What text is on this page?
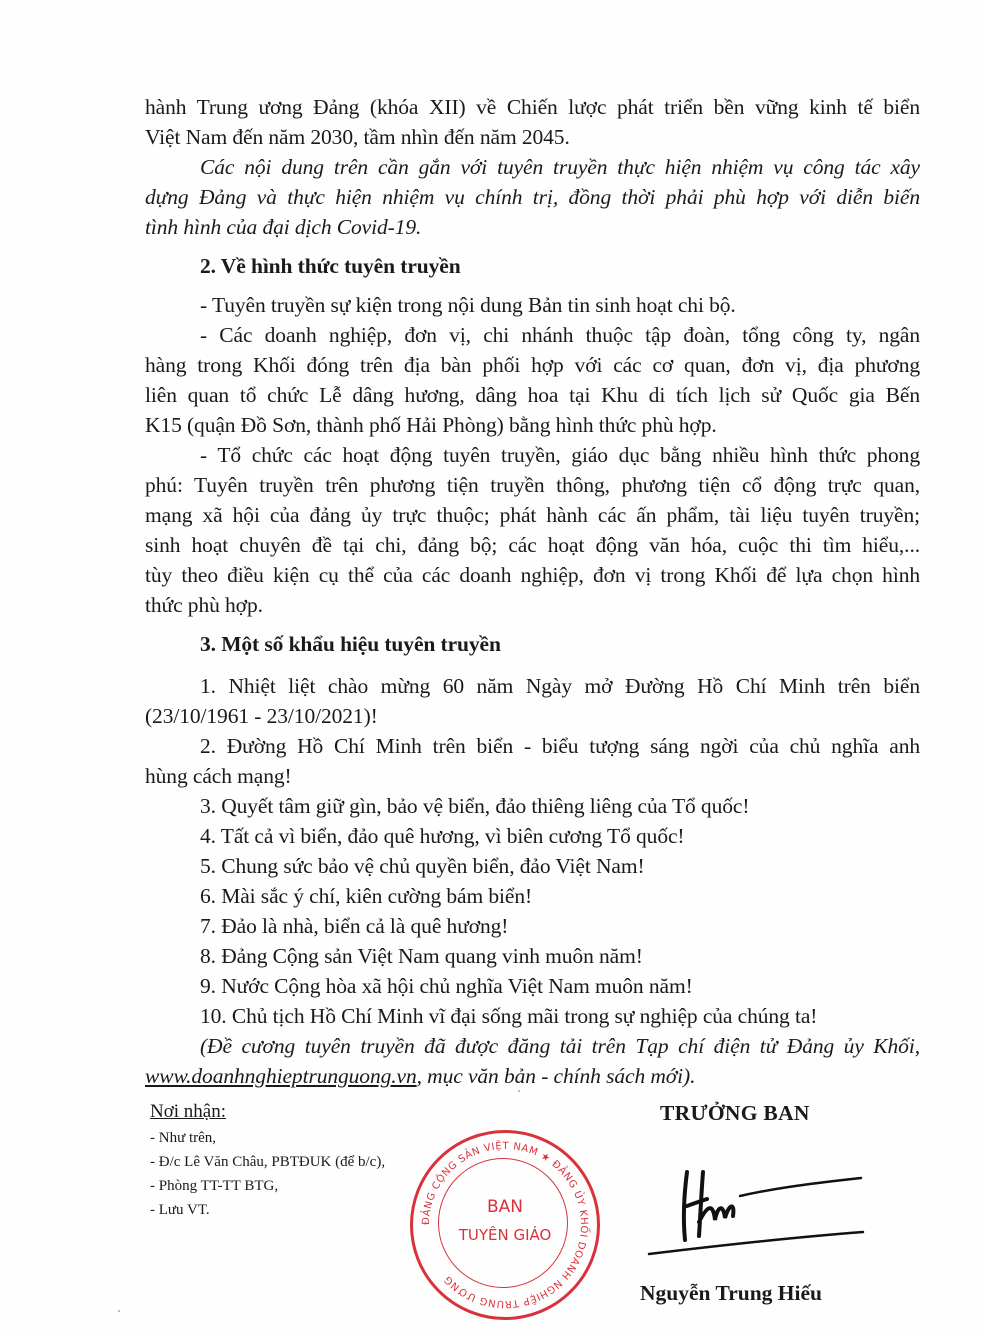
hành Trung ương Đảng (khóa XII) về Chiến lược phát triển bền vững kinh tế biển
Việt Nam đến năm 2030, tầm nhìn đến năm 2045.
Các nội dung trên cần gắn với tuyên truyền thực hiện nhiệm vụ công tác xây
dựng Đảng và thực hiện nhiệm vụ chính trị, đồng thời phải phù hợp với diễn biến
tình hình của đại dịch Covid-19.
2. Về hình thức tuyên truyền
- Tuyên truyền sự kiện trong nội dung Bản tin sinh hoạt chi bộ.
- Các doanh nghiệp, đơn vị, chi nhánh thuộc tập đoàn, tổng công ty, ngân
hàng trong Khối đóng trên địa bàn phối hợp với các cơ quan, đơn vị, địa phương
liên quan tổ chức Lễ dâng hương, dâng hoa tại Khu di tích lịch sử Quốc gia Bến
K15 (quận Đồ Sơn, thành phố Hải Phòng) bằng hình thức phù hợp.
- Tổ chức các hoạt động tuyên truyền, giáo dục bằng nhiều hình thức phong
phú: Tuyên truyền trên phương tiện truyền thông, phương tiện cổ động trực quan,
mạng xã hội của đảng ủy trực thuộc; phát hành các ấn phẩm, tài liệu tuyên truyền;
sinh hoạt chuyên đề tại chi, đảng bộ; các hoạt động văn hóa, cuộc thi tìm hiểu,...
tùy theo điều kiện cụ thể của các doanh nghiệp, đơn vị trong Khối để lựa chọn hình
thức phù hợp.
3. Một số khẩu hiệu tuyên truyền
1. Nhiệt liệt chào mừng 60 năm Ngày mở Đường Hồ Chí Minh trên biển
(23/10/1961 - 23/10/2021)!
2. Đường Hồ Chí Minh trên biển - biểu tượng sáng ngời của chủ nghĩa anh
hùng cách mạng!
3. Quyết tâm giữ gìn, bảo vệ biển, đảo thiêng liêng của Tổ quốc!
4. Tất cả vì biển, đảo quê hương, vì biên cương Tổ quốc!
5. Chung sức bảo vệ chủ quyền biển, đảo Việt Nam!
6. Mài sắc ý chí, kiên cường bám biển!
7. Đảo là nhà, biển cả là quê hương!
8. Đảng Cộng sản Việt Nam quang vinh muôn năm!
9. Nước Cộng hòa xã hội chủ nghĩa Việt Nam muôn năm!
10. Chủ tịch Hồ Chí Minh vĩ đại sống mãi trong sự nghiệp của chúng ta!
(Đề cương tuyên truyền đã được đăng tải trên Tạp chí điện tử Đảng ủy Khối,
www.doanhnghieptrunguong.vn, mục văn bản - chính sách mới).
Nơi nhận:
- Như trên,
- Đ/c Lê Văn Châu, PBTĐUK (để b/c),
- Phòng TT-TT BTG,
- Lưu VT.
ĐẢNG CỘNG SẢN VIỆT NAM ★ ĐẢNG ỦY KHỐI DOANH NGHIỆP TRUNG ƯƠNG
BAN
TUYÊN GIÁO
TRƯỞNG BAN
Nguyễn Trung Hiếu
